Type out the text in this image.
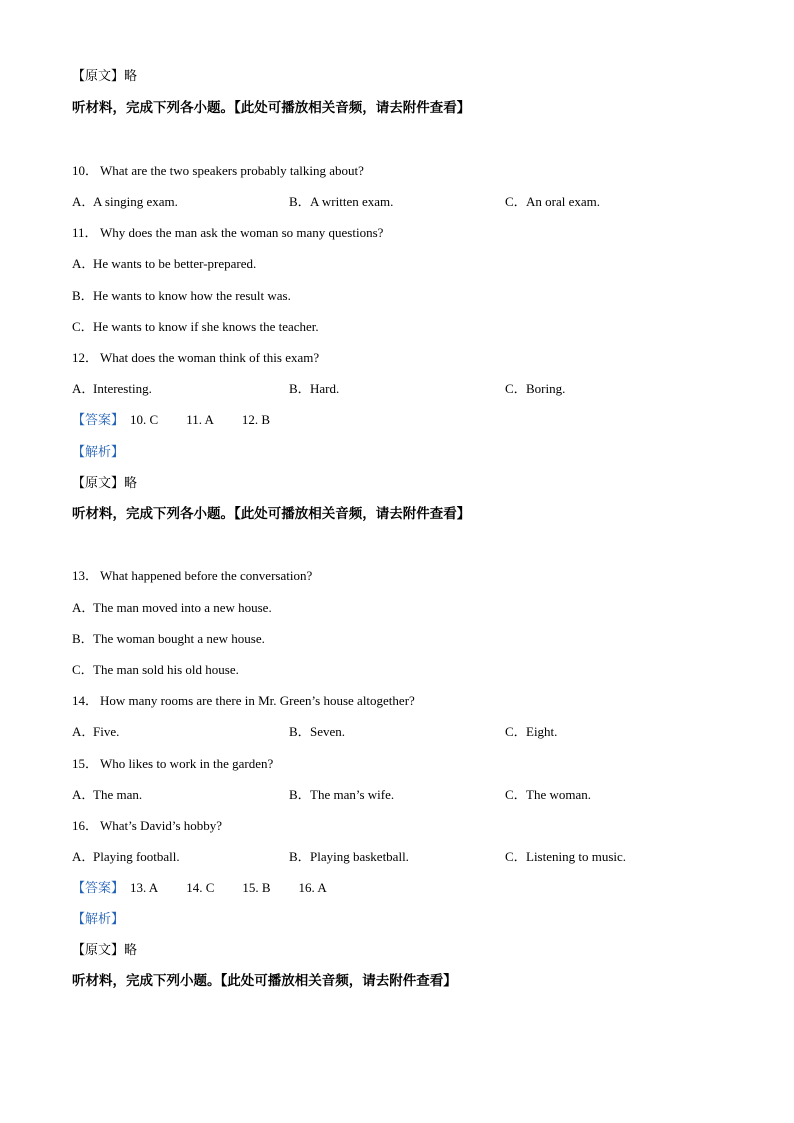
【原文】略
听材料，完成下列各小题。【此处可播放相关音频，请去附件查看】
10． What are the two speakers probably talking about?
A．A singing exam.	B．A written exam.	C．An oral exam.
11． Why does the man ask the woman so many questions?
A．He wants to be better-prepared.
B．He wants to know how the result was.
C．He wants to know if she knows the teacher.
12． What does the woman think of this exam?
A．Interesting.	B．Hard.	C．Boring.
【答案】 10. C 11. A 12. B
【解析】
【原文】略
听材料，完成下列各小题。【此处可播放相关音频，请去附件查看】
13． What happened before the conversation?
A．The man moved into a new house.
B．The woman bought a new house.
C．The man sold his old house.
14． How many rooms are there in Mr. Green’s house altogether?
A．Five.	B．Seven.	C．Eight.
15． Who likes to work in the garden?
A．The man.	B．The man’s wife.	C．The woman.
16． What’s David’s hobby?
A．Playing football.	B．Playing basketball.	C．Listening to music.
【答案】 13. A 14. C 15. B 16. A
【解析】
【原文】略
听材料，完成下列小题。【此处可播放相关音频，请去附件查看】
